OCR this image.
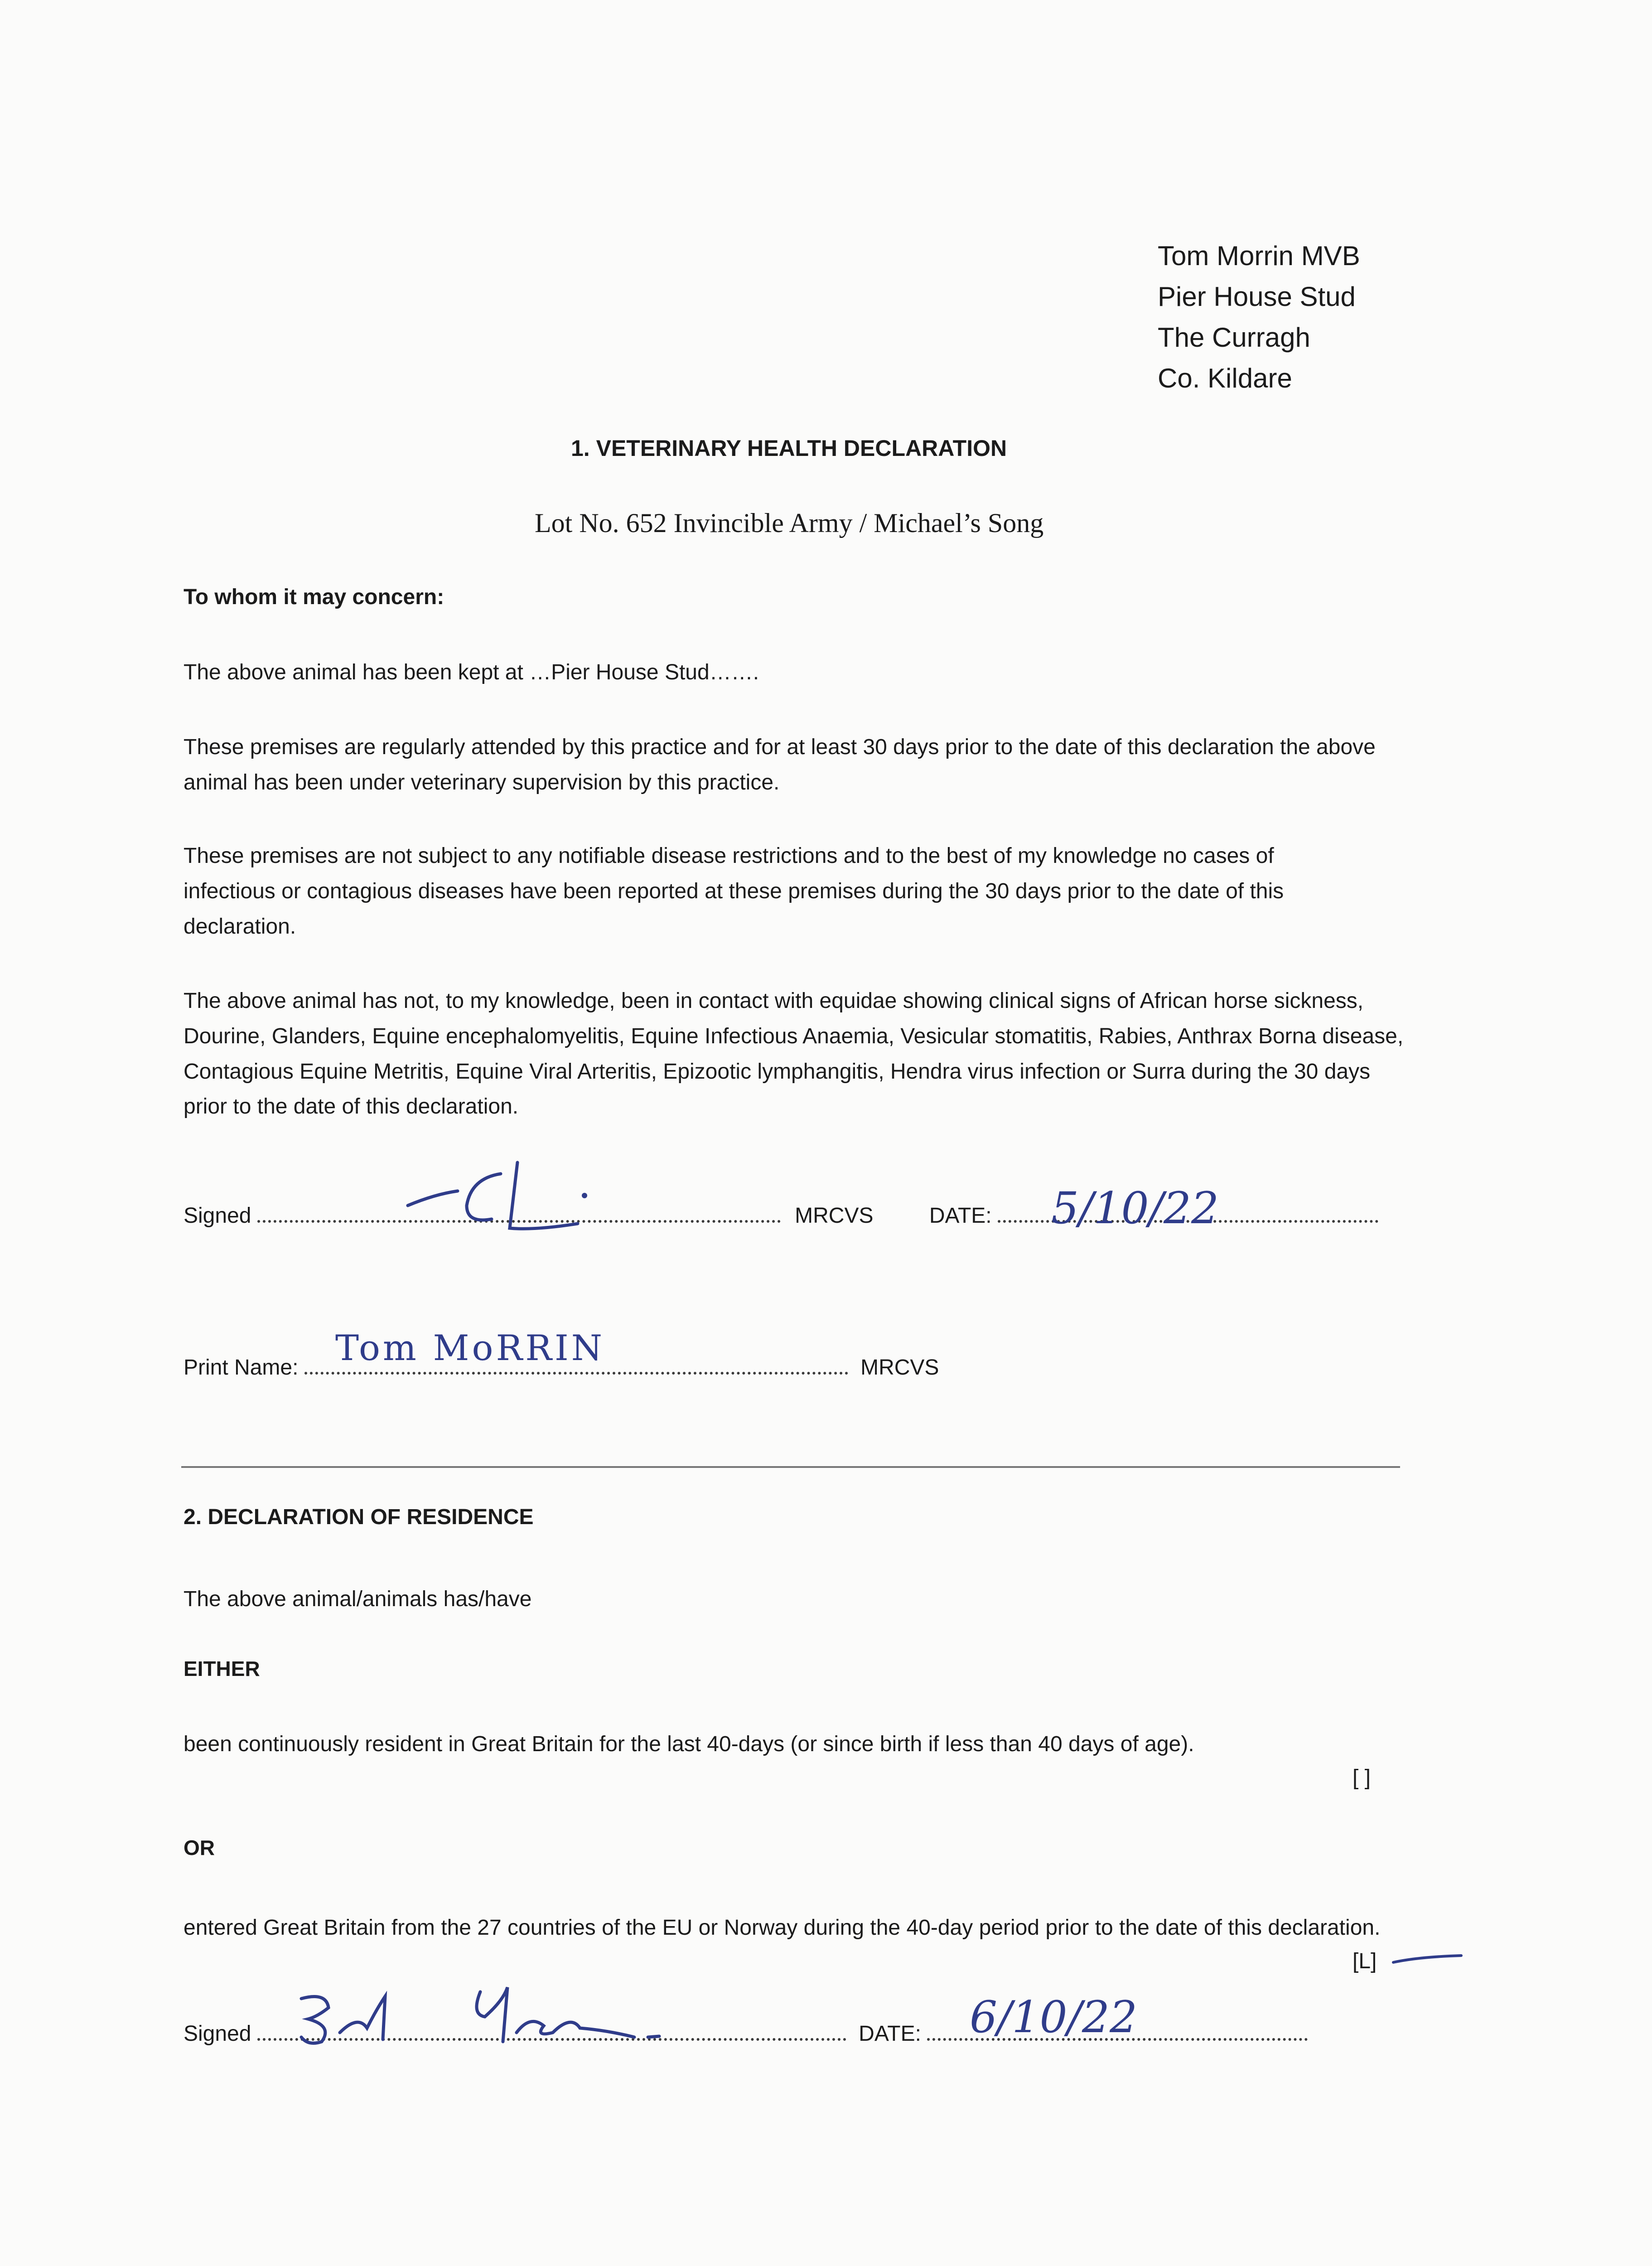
Tom Morrin MVB
Pier House Stud
The Curragh
Co. Kildare
1. VETERINARY HEALTH DECLARATION
Lot No. 652 Invincible Army / Michael’s Song
To whom it may concern:

The above animal has been kept at …Pier House Stud…….

These premises are regularly attended by this practice and for at least 30 days prior to the date of this declaration the above animal has been under veterinary supervision by this practice.

These premises are not subject to any notifiable disease restrictions and to the best of my knowledge no cases of infectious or contagious diseases have been reported at these premises during the 30 days prior to the date of this declaration.

The above animal has not, to my knowledge, been in contact with equidae showing clinical signs of African horse sickness, Dourine, Glanders, Equine encephalomyelitis, Equine Infectious Anaemia, Vesicular stomatitis, Rabies, Anthrax Borna disease, Contagious Equine Metritis, Equine Viral Arteritis, Epizootic lymphangitis, Hendra virus infection or Surra during the 30 days prior to the date of this declaration.

Signed	MRCVS	DATE:	5/10/22
Print Name:	MRCVS
Tom MoRRIN
2. DECLARATION OF RESIDENCE

The above animal/animals has/have

EITHER

been continuously resident in Great Britain for the last 40-days (or since birth if less than 40 days of age).

[ ]
OR

entered Great Britain from the 27 countries of the EU or Norway during the 40-day period prior to the date of this declaration.

[L]
Signed	DATE:	6/10/22
